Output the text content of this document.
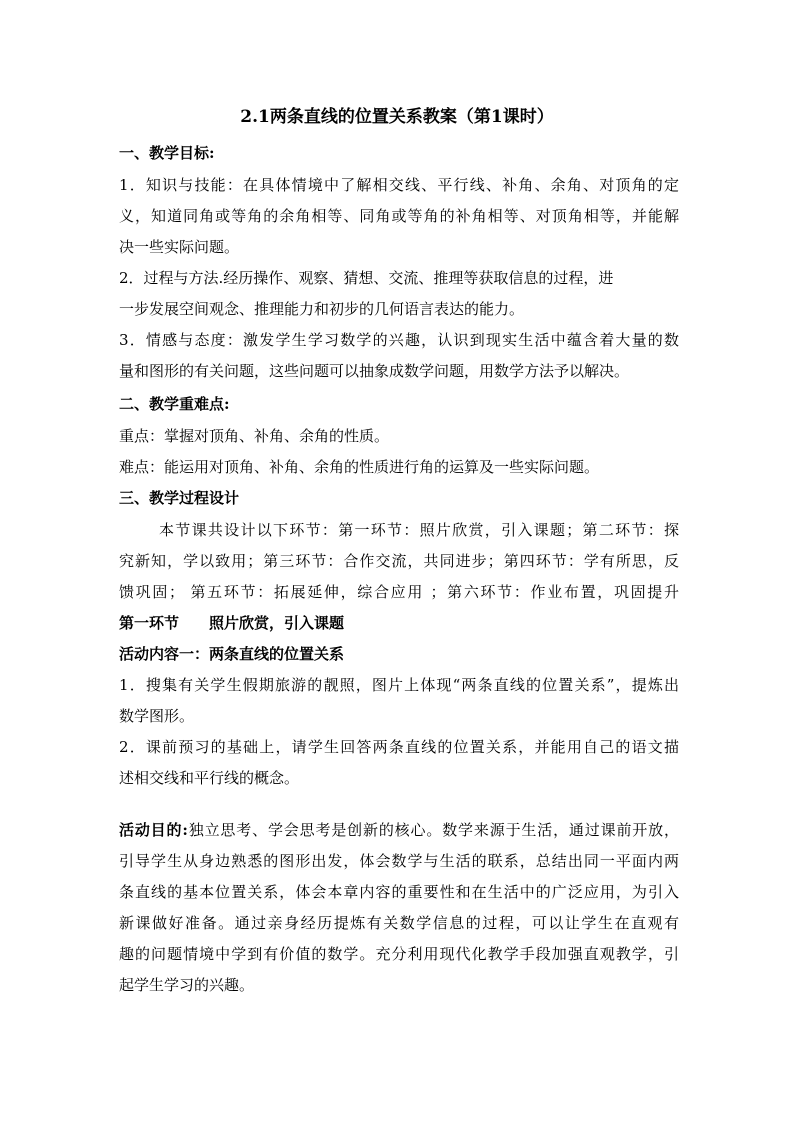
2.1两条直线的位置关系教案（第1课时）
一、教学目标:
1．知识与技能：在具体情境中了解相交线、平行线、补角、余角、对顶角的定
义，知道同角或等角的余角相等、同角或等角的补角相等、对顶角相等，并能解
决一些实际问题。
2．过程与方法.经历操作、观察、猜想、交流、推理等获取信息的过程，进
一步发展空间观念、推理能力和初步的几何语言表达的能力。
3．情感与态度：激发学生学习数学的兴趣，认识到现实生活中蕴含着大量的数
量和图形的有关问题，这些问题可以抽象成数学问题，用数学方法予以解决。
二、教学重难点:
重点：掌握对顶角、补角、余角的性质。
难点：能运用对顶角、补角、余角的性质进行角的运算及一些实际问题。
三、教学过程设计
本节课共设计以下环节：第一环节：照片欣赏，引入课题；第二环节：探
究新知，学以致用；第三环节：合作交流，共同进步；第四环节：学有所思，反
馈巩固； 第五环节：拓展延伸，综合应用 ；第六环节：作业布置，巩固提升
第一环节 照片欣赏，引入课题
活动内容一：两条直线的位置关系
1．搜集有关学生假期旅游的靓照，图片上体现“两条直线的位置关系”，提炼出
数学图形。
2．课前预习的基础上，请学生回答两条直线的位置关系，并能用自己的语文描
述相交线和平行线的概念。
活动目的:独立思考、学会思考是创新的核心。数学来源于生活，通过课前开放，
引导学生从身边熟悉的图形出发，体会数学与生活的联系，总结出同一平面内两
条直线的基本位置关系，体会本章内容的重要性和在生活中的广泛应用，为引入
新课做好准备。通过亲身经历提炼有关数学信息的过程，可以让学生在直观有
趣的问题情境中学到有价值的数学。充分利用现代化教学手段加强直观教学，引
起学生学习的兴趣。
